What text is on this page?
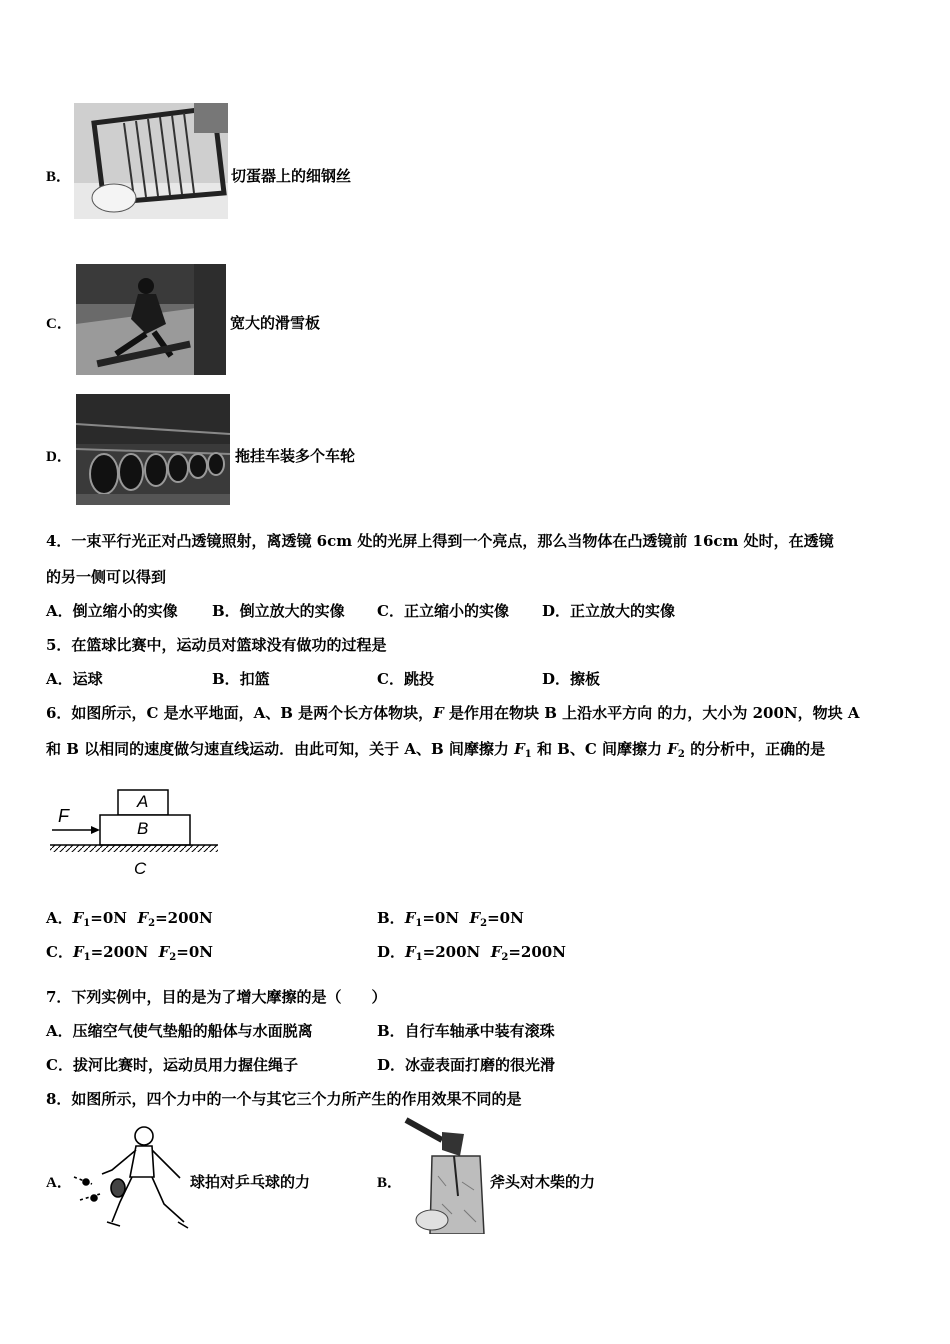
B．	切蛋器上的细钢丝
C．	宽大的滑雪板
D．	拖挂车装多个车轮
4．一束平行光正对凸透镜照射，离透镜 6cm 处的光屏上得到一个亮点，那么当物体在凸透镜前 16cm 处时，在透镜
的另一侧可以得到
A．倒立缩小的实像 B．倒立放大的实像 C．正立缩小的实像 D．正立放大的实像
5．在篮球比赛中，运动员对篮球没有做功的过程是
A．运球	B．扣篮	C．跳投	D．擦板
6．如图所示，C 是水平地面，A、B 是两个长方体物块，F 是作用在物块 B 上沿水平方向 的力，大小为 200N，物块 A
和 B 以相同的速度做匀速直线运动．由此可知，关于 A、B 间摩擦力 $F_1$ 和 B、C 间摩擦力 $F_2$ 的分析中，正确的是
F
A
B
C
A．$F_1=0N$ $F_2=200N$	B．$F_1=0N$ $F_2=0N$
C．$F_1=200N$ $F_2=0N$	D．$F_1=200N$ $F_2=200N$
7．下列实例中，目的是为了增大摩擦的是（　　）
A．压缩空气使气垫船的船体与水面脱离	B．自行车轴承中装有滚珠
C．拔河比赛时，运动员用力握住绳子	D．冰壶表面打磨的很光滑
8．如图所示，四个力中的一个与其它三个力所产生的作用效果不同的是
A．	球拍对乒乓球的力	B．	斧头对木柴的力
